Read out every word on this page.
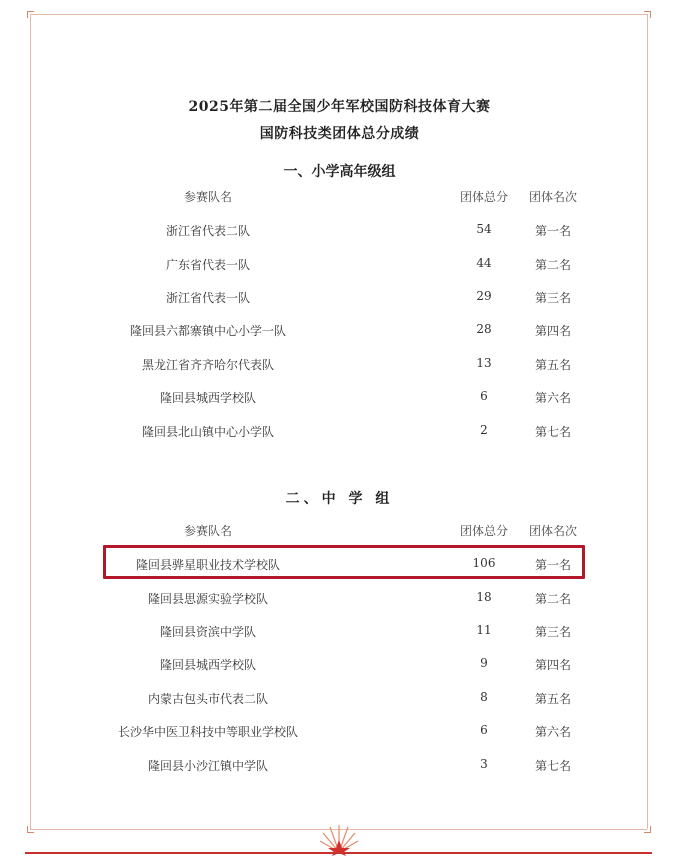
2025年第二届全国少年军校国防科技体育大赛
国防科技类团体总分成绩
一、小学高年级组
参赛队名	团体总分	团体名次
浙江省代表二队	54	第一名
广东省代表一队	44	第二名
浙江省代表一队	29	第三名
隆回县六都寨镇中心小学一队	28	第四名
黑龙江省齐齐哈尔代表队	13	第五名
隆回县城西学校队	6	第六名
隆回县北山镇中心小学队	2	第七名
二、中 学 组
参赛队名	团体总分	团体名次
隆回县骅星职业技术学校队	106	第一名
隆回县思源实验学校队	18	第二名
隆回县资滨中学队	11	第三名
隆回县城西学校队	9	第四名
内蒙古包头市代表二队	8	第五名
长沙华中医卫科技中等职业学校队	6	第六名
隆回县小沙江镇中学队	3	第七名
